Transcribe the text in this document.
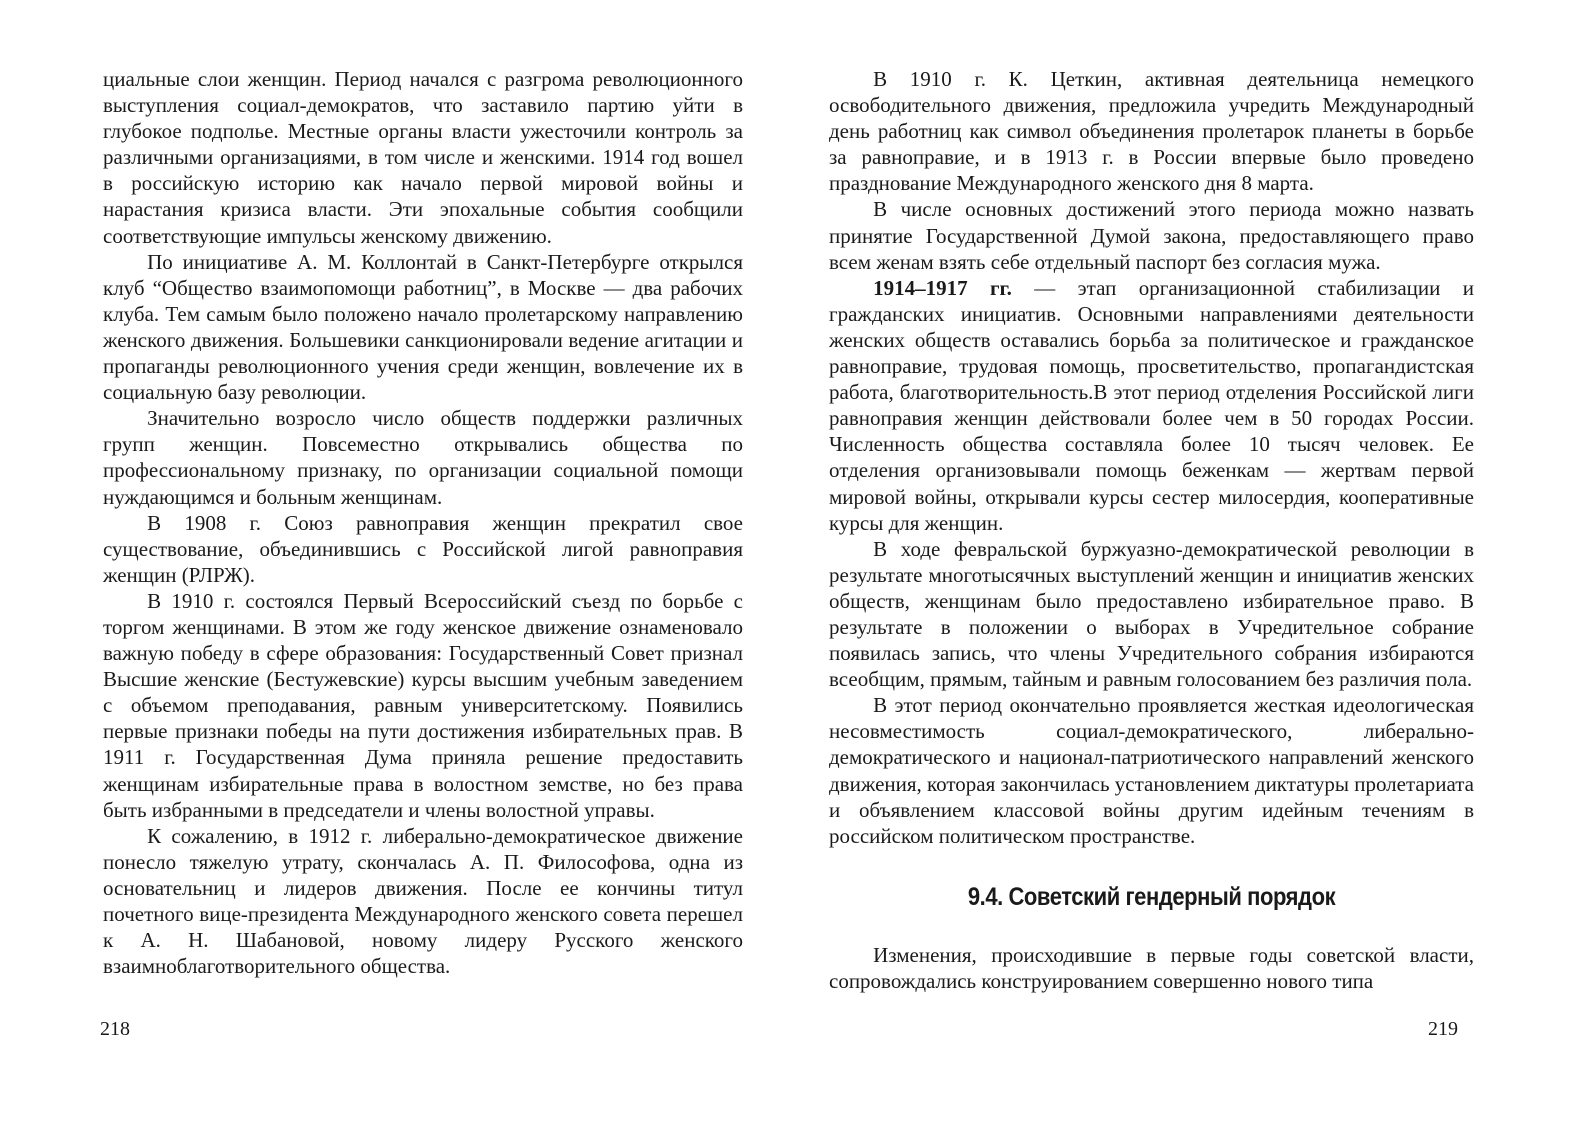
циальные слои женщин. Период начался с разгрома революционного выступления социал-демократов, что заставило партию уйти в глубокое подполье. Местные органы власти ужесточили контроль за различными организациями, в том числе и женскими. 1914 год вошел в российскую историю как начало первой мировой войны и нарастания кризиса власти. Эти эпохальные события сообщили соответствующие импульсы женскому движению.

По инициативе А. М. Коллонтай в Санкт-Петербурге открылся клуб “Общество взаимопомощи работниц”, в Москве — два рабочих клуба. Тем самым было положено начало пролетарскому направлению женского движения. Большевики санкционировали ведение агитации и пропаганды революционного учения среди женщин, вовлечение их в социальную базу революции.

Значительно возросло число обществ поддержки различных групп женщин. Повсеместно открывались общества по профессиональному признаку, по организации социальной помощи нуждающимся и больным женщинам.

В 1908 г. Союз равноправия женщин прекратил свое существование, объединившись с Российской лигой равноправия женщин (РЛРЖ).

В 1910 г. состоялся Первый Всероссийский съезд по борьбе с торгом женщинами. В этом же году женское движение ознаменовало важную победу в сфере образования: Государственный Совет признал Высшие женские (Бестужевские) курсы высшим учебным заведением с объемом преподавания, равным университетскому. Появились первые признаки победы на пути достижения избирательных прав. В 1911 г. Государственная Дума приняла решение предоставить женщинам избирательные права в волостном земстве, но без права быть избранными в председатели и члены волостной управы.

К сожалению, в 1912 г. либерально-демократическое движение понесло тяжелую утрату, скончалась А. П. Философова, одна из основательниц и лидеров движения. После ее кончины титул почетного вице-президента Международного женского совета перешел к А. Н. Шабановой, новому лидеру Русского женского взаимноблаготворительного общества.

218

В 1910 г. К. Цеткин, активная деятельница немецкого освободительного движения, предложила учредить Международный день работниц как символ объединения пролетарок планеты в борьбе за равноправие, и в 1913 г. в России впервые было проведено празднование Международного женского дня 8 марта.

В числе основных достижений этого периода можно назвать принятие Государственной Думой закона, предоставляющего право всем женам взять себе отдельный паспорт без согласия мужа.

1914–1917 гг. — этап организационной стабилизации и гражданских инициатив. Основными направлениями деятельности женских обществ оставались борьба за политическое и гражданское равноправие, трудовая помощь, просветительство, пропагандистская работа, благотворительность.В этот период отделения Российской лиги равноправия женщин действовали более чем в 50 городах России. Численность общества составляла более 10 тысяч человек. Ее отделения организовывали помощь беженкам — жертвам первой мировой войны, открывали курсы сестер милосердия, кооперативные курсы для женщин.

В ходе февральской буржуазно-демократической революции в результате многотысячных выступлений женщин и инициатив женских обществ, женщинам было предоставлено избирательное право. В результате в положении о выборах в Учредительное собрание появилась запись, что члены Учредительного собрания избираются всеобщим, прямым, тайным и равным голосованием без различия пола.

В этот период окончательно проявляется жесткая идеологическая несовместимость социал-демократического, либерально-демократического и национал-патриотического направлений женского движения, которая закончилась установлением диктатуры пролетариата и объявлением классовой войны другим идейным течениям в российском политическом пространстве.

9.4. Советский гендерный порядок

Изменения, происходившие в первые годы советской власти, сопровождались конструированием совершенно нового типа

219
